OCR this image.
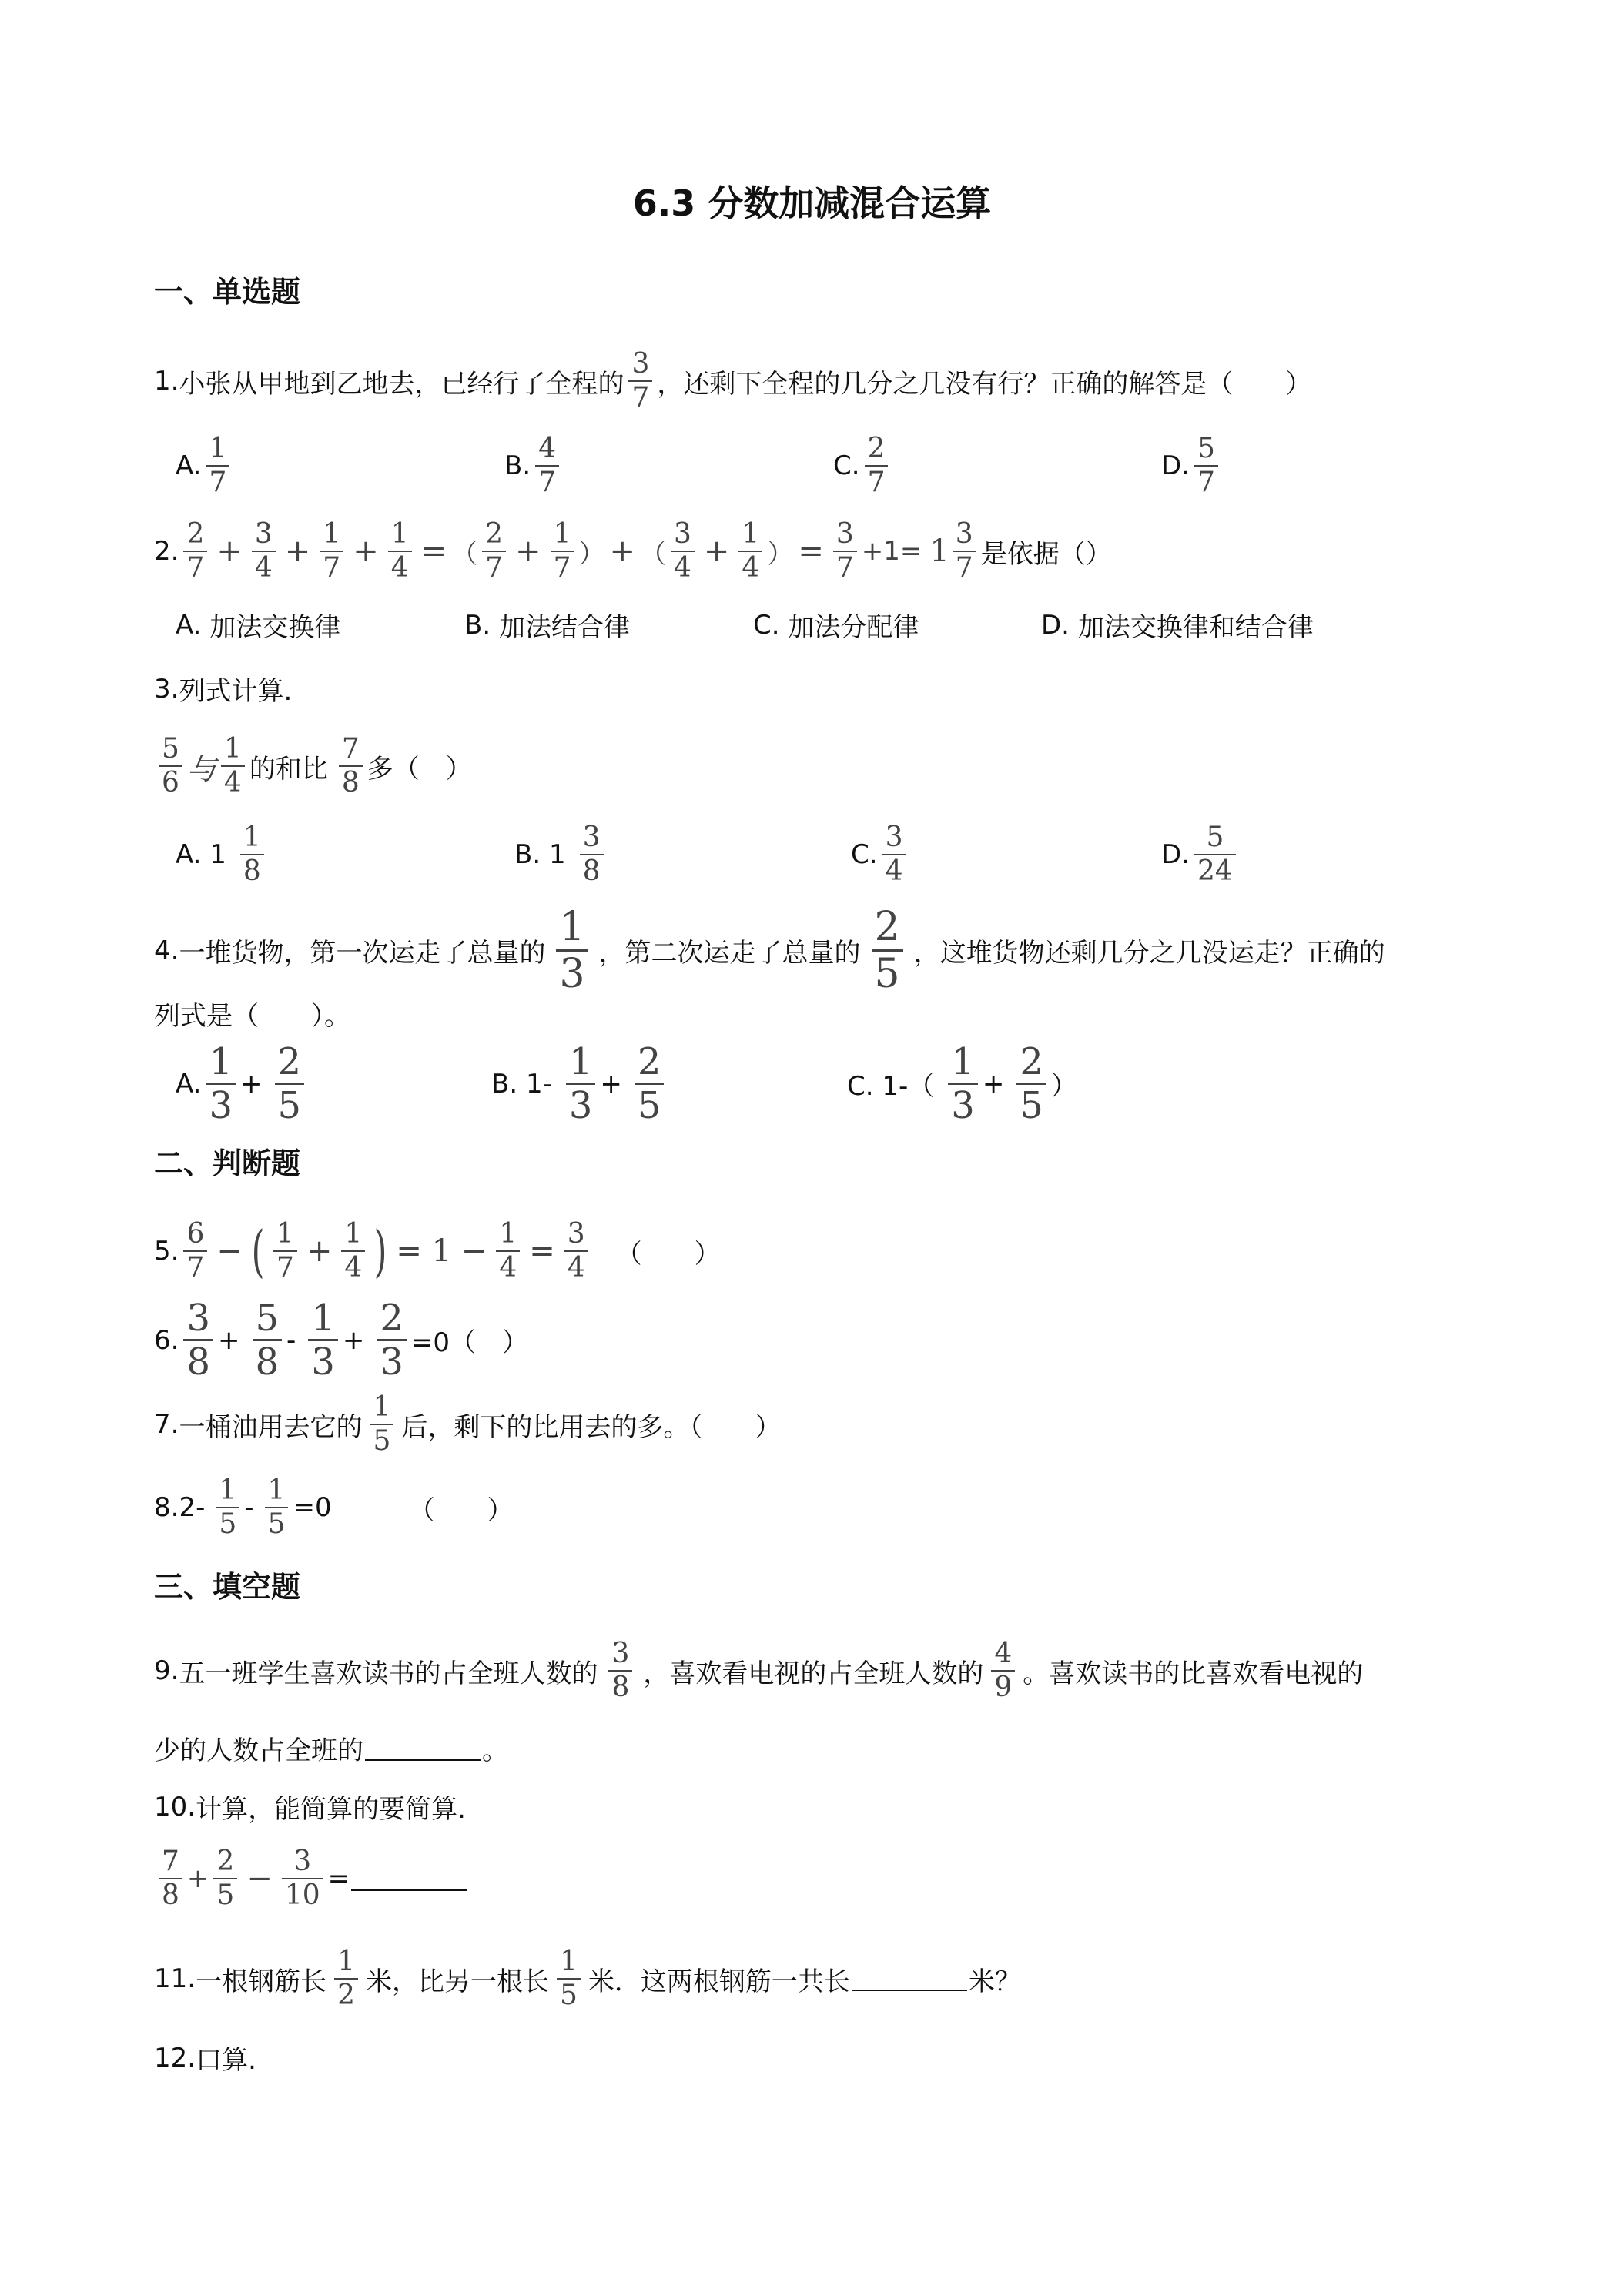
6.3 分数加减混合运算
一、单选题
1. 小张从甲地到乙地去，已经行了全程的 $\frac{3}{7}$ ，还剩下全程的几分之几没有行？正确的解答是（　　）
A. $\frac{1}{7}$	B. $\frac{4}{7}$	C. $\frac{2}{7}$	D. $\frac{5}{7}$
2. $\frac{2}{7} + \frac{3}{4} + \frac{1}{7} + \frac{1}{4}$ = （ $\frac{2}{7} + \frac{1}{7}$ ） + （ $\frac{3}{4} + \frac{1}{4}$ ） = $\frac{3}{7} +1= 1 \frac{3}{7}$ 是依据（）
A.
加法交换律	B.
加法结合律	C.
加法分配律	D.
加法交换律和结合律
3. 列式计算.
$\frac{5}{6}$ 与 $\frac{1}{4}$ 的和比 $\frac{7}{8}$ 多（　）
A.
$1 \frac{1}{8}$	B.
$1 \frac{3}{8}$	C. $\frac{3}{4}$	D. $\frac{5}{24}$
4. 一堆货物，第一次运走了总量的 $\frac{1}{3}$ ，第二次运走了总量的 $\frac{2}{5}$ ，这堆货物还剩几分之几没运走？正确的
列式是（　　）。
A. $\frac{1}{3} + \frac{2}{5}$	B. $1- \frac{1}{3} + \frac{2}{5}$	C. $1-( \frac{1}{3} + \frac{2}{5}$ ）
二、判断题
5. $\frac{6}{7}$ − ( $\frac{1}{7} + \frac{1}{4}$ ) = $1 - \frac{1}{4} = \frac{3}{4}$ （　　）
6. $\frac{3}{8} + \frac{5}{8} - \frac{1}{3} + \frac{2}{3} =0$（　）
7. 一桶油用去它的 $\frac{1}{5}$ 后，剩下的比用去的多。（　　）
8. $2- \frac{1}{5} - \frac{1}{5} =0$	（　　）
三、填空题
9. 五一班学生喜欢读书的占全班人数的 $\frac{3}{8}$ ，喜欢看电视的占全班人数的 $\frac{4}{9}$ 。喜欢读书的比喜欢看电视的
少的人数占全班的	。
10. 计算，能简算的要简算.
$\frac{7}{8} + \frac{2}{5} - \frac{3}{10}$ =
11. 一根钢筋长 $\frac{1}{2}$ 米，比另一根长 $\frac{1}{5}$ 米．这两根钢筋一共长	米？
12. 口算.
